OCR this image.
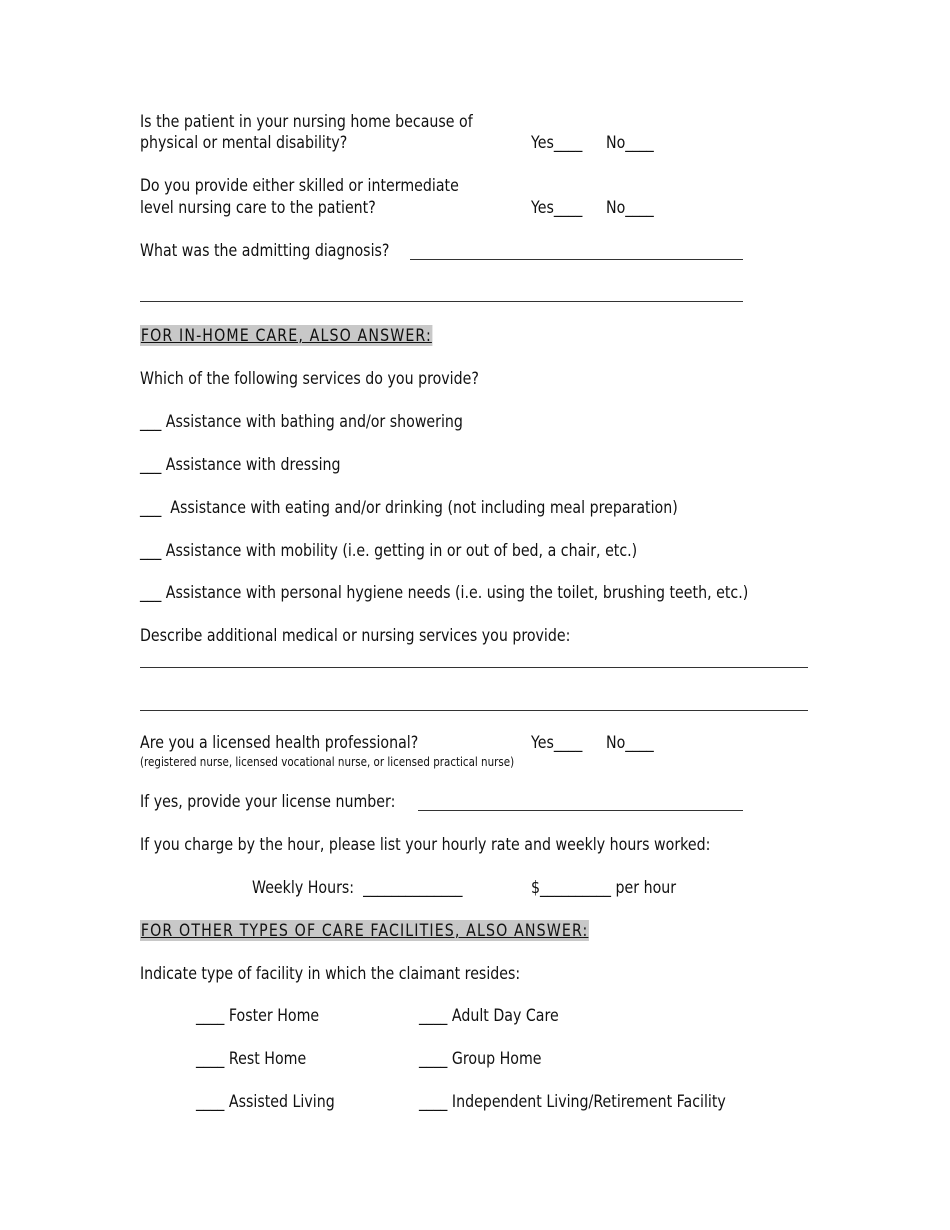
Is the patient in your nursing home because of
physical or mental disability?	Yes____ No____
Do you provide either skilled or intermediate
level nursing care to the patient?	Yes____ No____
What was the admitting diagnosis?
FOR IN-HOME CARE, ALSO ANSWER:
Which of the following services do you provide?
___ Assistance with bathing and/or showering
___ Assistance with dressing
___  Assistance with eating and/or drinking (not including meal preparation)
___ Assistance with mobility (i.e. getting in or out of bed, a chair, etc.)
___ Assistance with personal hygiene needs (i.e. using the toilet, brushing teeth, etc.)
Describe additional medical or nursing services you provide:
Are you a licensed health professional?	Yes____ No____
(registered nurse, licensed vocational nurse, or licensed practical nurse)
If yes, provide your license number:
If you charge by the hour, please list your hourly rate and weekly hours worked:
Weekly Hours:  ______________	$__________ per hour
FOR OTHER TYPES OF CARE FACILITIES, ALSO ANSWER:
Indicate type of facility in which the claimant resides:
____ Foster Home	____ Adult Day Care
____ Rest Home	____ Group Home
____ Assisted Living	____ Independent Living/Retirement Facility
